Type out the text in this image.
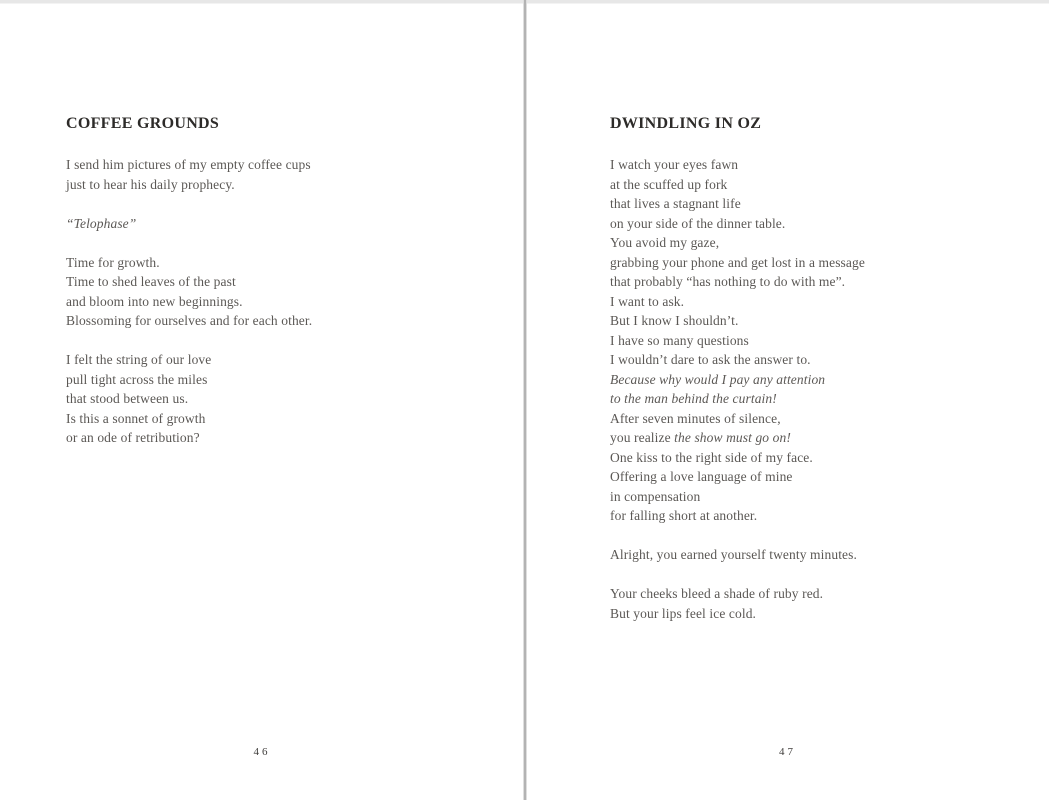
COFFEE GROUNDS
I send him pictures of my empty coffee cups
just to hear his daily prophecy.
“Telophase”
Time for growth.
Time to shed leaves of the past
and bloom into new beginnings.
Blossoming for ourselves and for each other.
I felt the string of our love
pull tight across the miles
that stood between us.
Is this a sonnet of growth
or an ode of retribution?
46
DWINDLING IN OZ
I watch your eyes fawn
at the scuffed up fork
that lives a stagnant life
on your side of the dinner table.
You avoid my gaze,
grabbing your phone and get lost in a message
that probably “has nothing to do with me”.
I want to ask.
But I know I shouldn’t.
I have so many questions
I wouldn’t dare to ask the answer to.
Because why would I pay any attention
to the man behind the curtain!
After seven minutes of silence,
you realize the show must go on!
One kiss to the right side of my face.
Offering a love language of mine
in compensation
for falling short at another.
Alright, you earned yourself twenty minutes.
Your cheeks bleed a shade of ruby red.
But your lips feel ice cold.
47
